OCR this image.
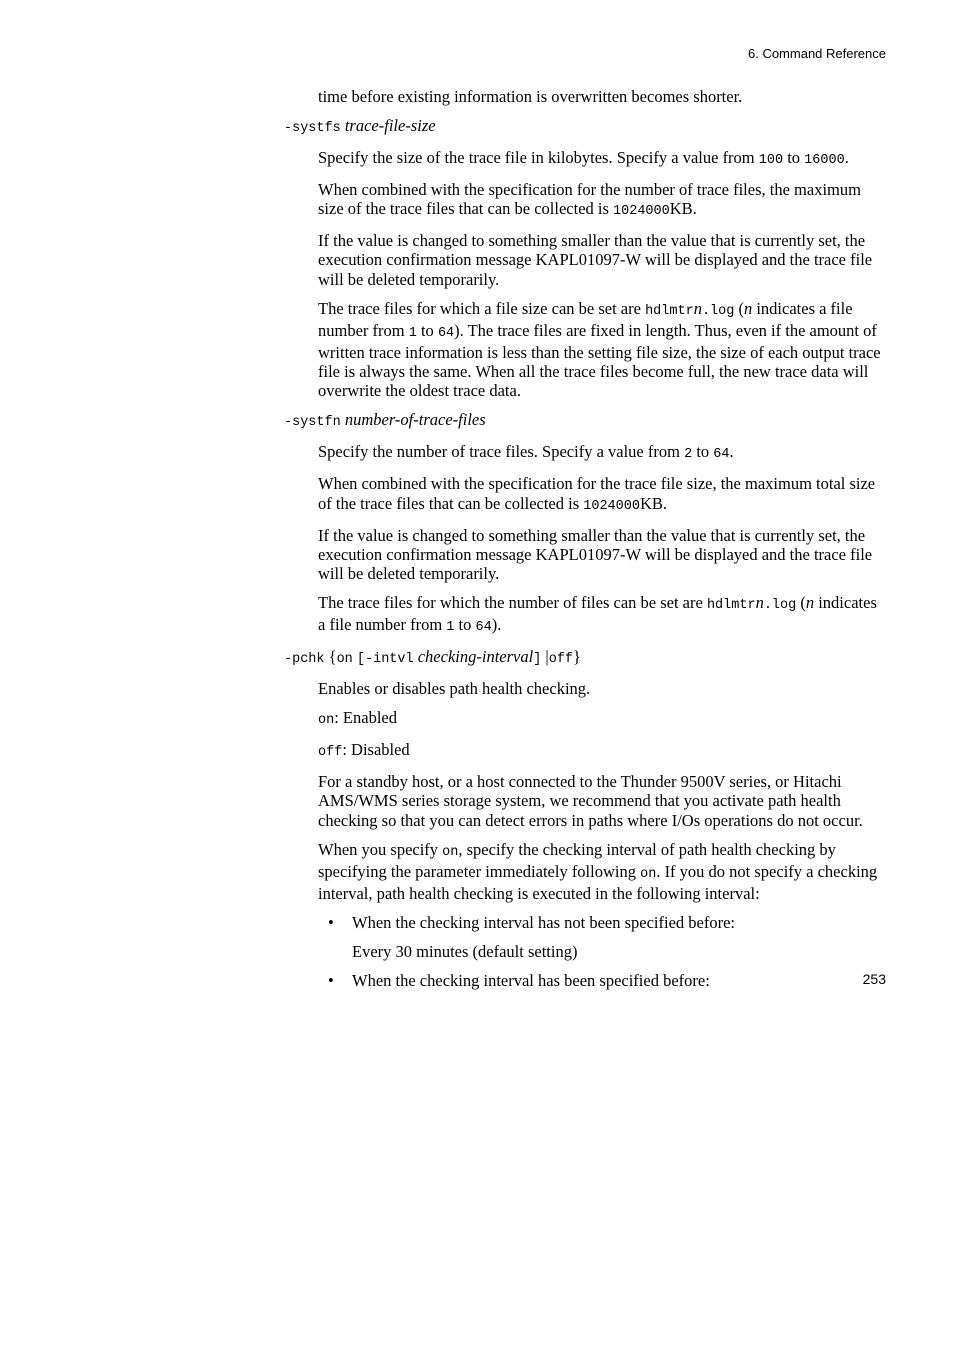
6. Command Reference

time before existing information is overwritten becomes shorter.

-systfs trace-file-size

Specify the size of the trace file in kilobytes. Specify a value from 100 to 16000.

When combined with the specification for the number of trace files, the maximum size of the trace files that can be collected is 1024000KB.

If the value is changed to something smaller than the value that is currently set, the execution confirmation message KAPL01097-W will be displayed and the trace file will be deleted temporarily.

The trace files for which a file size can be set are hdlmtrn.log (n indicates a file number from 1 to 64). The trace files are fixed in length. Thus, even if the amount of written trace information is less than the setting file size, the size of each output trace file is always the same. When all the trace files become full, the new trace data will overwrite the oldest trace data.

-systfn number-of-trace-files

Specify the number of trace files. Specify a value from 2 to 64.

When combined with the specification for the trace file size, the maximum total size of the trace files that can be collected is 1024000KB.

If the value is changed to something smaller than the value that is currently set, the execution confirmation message KAPL01097-W will be displayed and the trace file will be deleted temporarily.

The trace files for which the number of files can be set are hdlmtrn.log (n indicates a file number from 1 to 64).

-pchk {on [-intvl checking-interval] |off}

Enables or disables path health checking.

on: Enabled

off: Disabled

For a standby host, or a host connected to the Thunder 9500V series, or Hitachi AMS/WMS series storage system, we recommend that you activate path health checking so that you can detect errors in paths where I/Os operations do not occur.

When you specify on, specify the checking interval of path health checking by specifying the parameter immediately following on. If you do not specify a checking interval, path health checking is executed in the following interval:

• When the checking interval has not been specified before:

Every 30 minutes (default setting)

• When the checking interval has been specified before:	253
